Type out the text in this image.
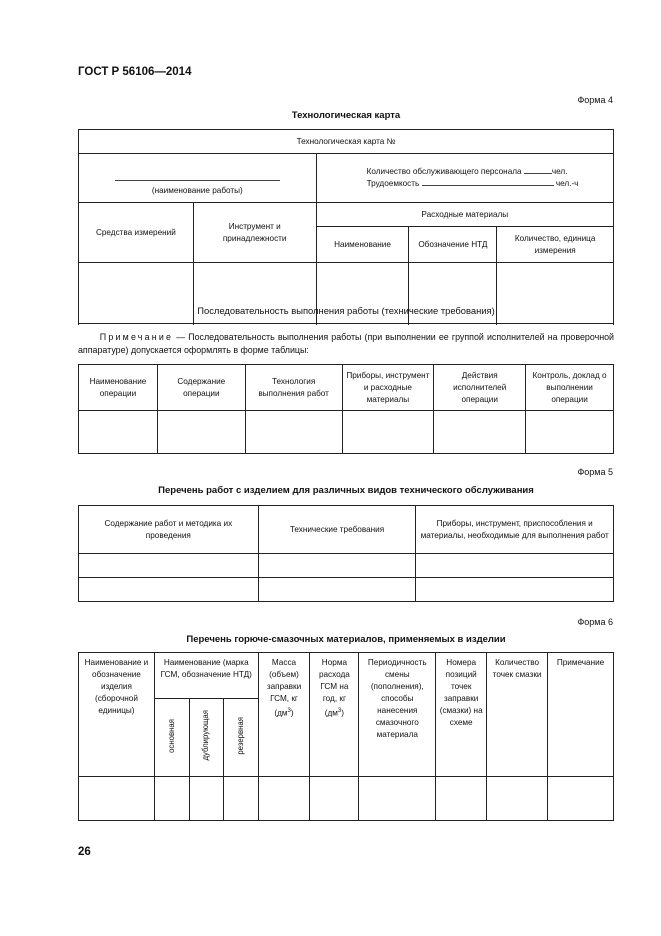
ГОСТ Р 56106—2014
Форма 4
Технологическая карта
Технологическая карта №				

(наименование работы)		Количество обслуживающего персонала чел.
Трудоемкость чел.-ч		

Средства измерений	Инструмент и принадлежности	Расходные материалы		
		Наименование	Обозначение НТД	Количество, единица измерения

Последовательность выполнения работы (технические требования)
Примечание — Последовательность выполнения работы (при выполнении ее группой исполнителей на проверочной аппаратуре) допускается оформлять в форме таблицы:
Наименование операции	Содержание операции	Технология выполнения работ	Приборы, инструмент и расходные материалы	Действия исполнителей операции	Контроль, доклад о выполнении операции

Форма 5
Перечень работ с изделием для различных видов технического обслуживания
Содержание работ и методика их проведения	Технические требования	Приборы, инструмент, приспособления и материалы, необходимые для выполнения работ

Форма 6
Перечень горюче-смазочных материалов, применяемых в изделии
Наименование и обозначение изделия (сборочной единицы)	Наименование (марка ГСМ, обозначение НТД)			Масса (объем) заправки ГСМ, кг $(дм^3)$	Норма расхода ГСМ на год, кг $(дм^3)$	Периодичность смены (пополнения), способы нанесения смазочного материала	Номера позиций точек заправки (смазки) на схеме	Количество точек смазки	Примечание
	основная	дублирующая	резервная						

26
